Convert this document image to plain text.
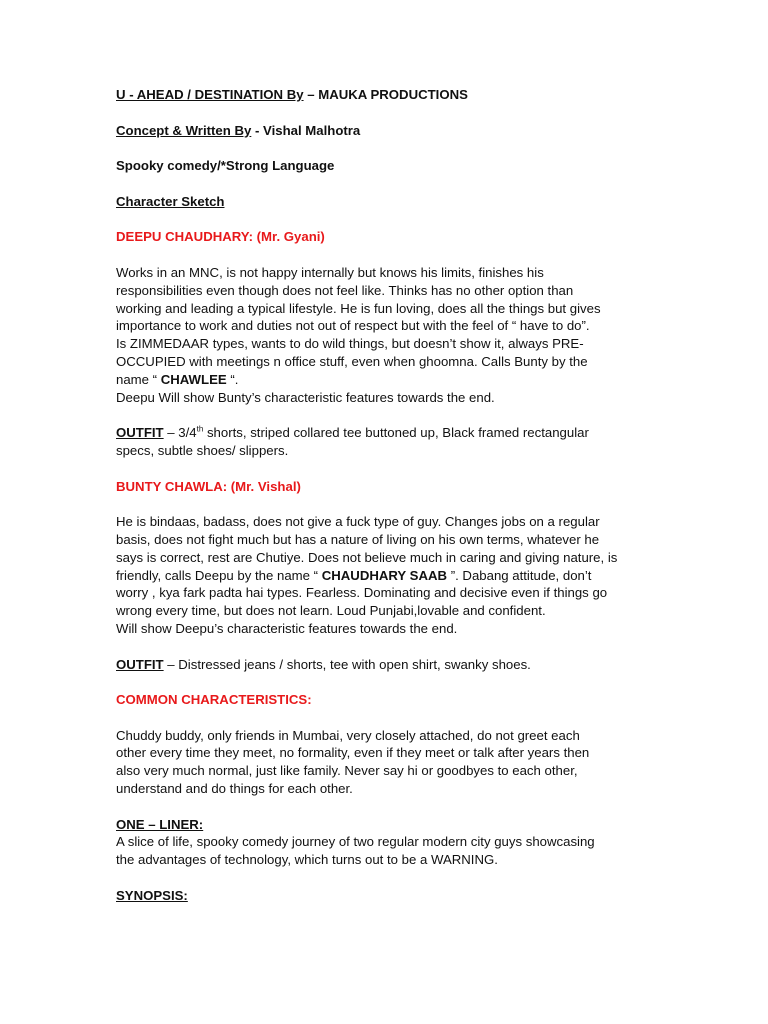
U - AHEAD / DESTINATION By – MAUKA PRODUCTIONS
Concept & Written By - Vishal Malhotra
Spooky comedy/*Strong Language
Character Sketch
DEEPU CHAUDHARY: (Mr. Gyani)
Works in an MNC, is not happy internally but knows his limits, finishes his
responsibilities even though does not feel like. Thinks has no other option than
working and leading a typical lifestyle. He is fun loving, does all the things but gives
importance to work and duties not out of respect but with the feel of “ have to do”.
Is ZIMMEDAAR types, wants to do wild things, but doesn’t show it, always PRE-
OCCUPIED with meetings n office stuff, even when ghoomna. Calls Bunty by the
name “ CHAWLEE “.
Deepu Will show Bunty’s characteristic features towards the end.
OUTFIT – 3/4th shorts, striped collared tee buttoned up, Black framed rectangular
specs, subtle shoes/ slippers.
BUNTY CHAWLA: (Mr. Vishal)
He is bindaas, badass, does not give a fuck type of guy. Changes jobs on a regular
basis, does not fight much but has a nature of living on his own terms, whatever he
says is correct, rest are Chutiye. Does not believe much in caring and giving nature, is
friendly, calls Deepu by the name “ CHAUDHARY SAAB ”. Dabang attitude, don’t
worry , kya fark padta hai types. Fearless. Dominating and decisive even if things go
wrong every time, but does not learn. Loud Punjabi,lovable and confident.
Will show Deepu’s characteristic features towards the end.
OUTFIT – Distressed jeans / shorts, tee with open shirt, swanky shoes.
COMMON CHARACTERISTICS:
Chuddy buddy, only friends in Mumbai, very closely attached, do not greet each
other every time they meet, no formality, even if they meet or talk after years then
also very much normal, just like family. Never say hi or goodbyes to each other,
understand and do things for each other.
ONE – LINER:
A slice of life, spooky comedy journey of two regular modern city guys showcasing
the advantages of technology, which turns out to be a WARNING.
SYNOPSIS:
